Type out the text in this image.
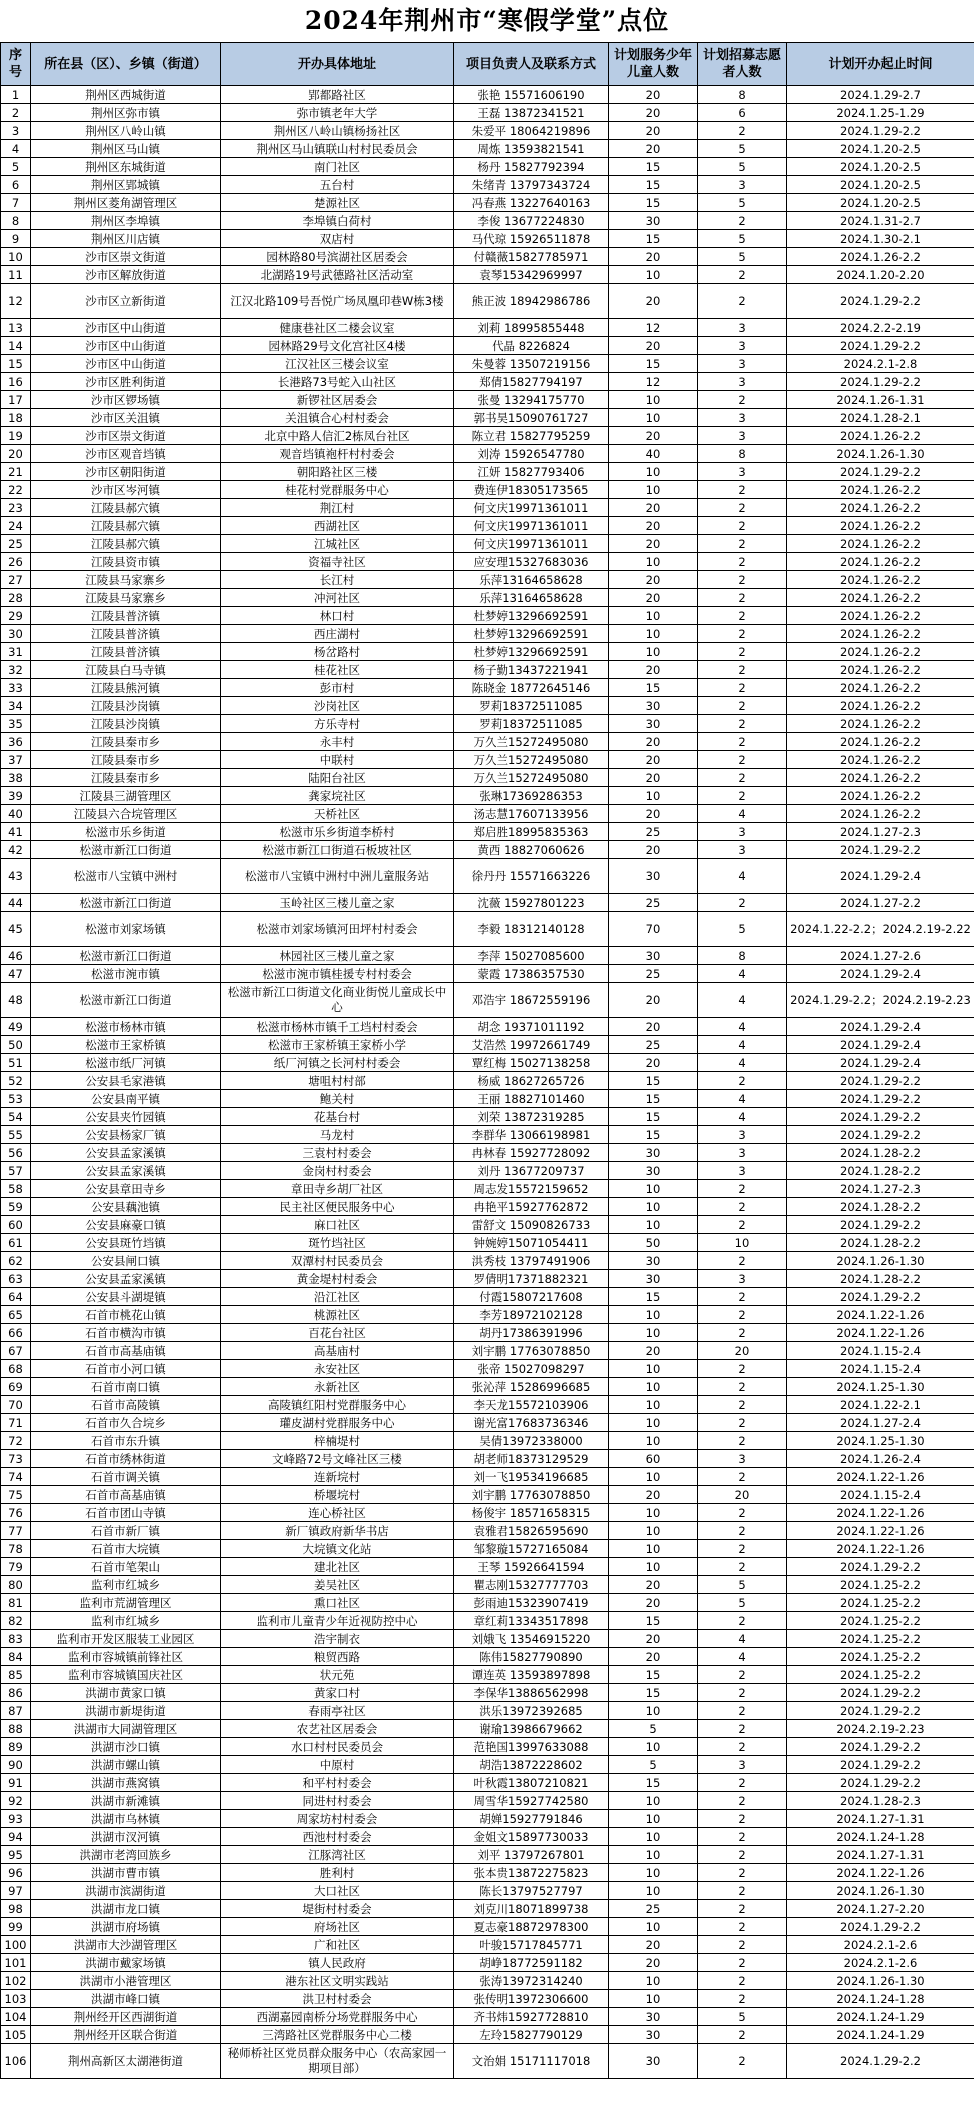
2024年荆州市“寒假学堂”点位
序号	所在县（区）、乡镇（街道）	开办具体地址	项目负责人及联系方式	计划服务少年儿童人数	计划招募志愿者人数	计划开办起止时间
1	荆州区西城街道	郢都路社区	张艳 15571606190	20	8	2024.1.29-2.7
2	荆州区弥市镇	弥市镇老年大学	王磊 13872341521	20	6	2024.1.25-1.29
3	荆州区八岭山镇	荆州区八岭山镇杨扬社区	朱爱平 18064219896	20	2	2024.1.29-2.2
4	荆州区马山镇	荆州区马山镇联山村村民委员会	周炼 13593821541	20	5	2024.1.20-2.5
5	荆州区东城街道	南门社区	杨丹 15827792394	15	5	2024.1.20-2.5
6	荆州区郢城镇	五台村	朱绪青 13797343724	15	3	2024.1.20-2.5
7	荆州区菱角湖管理区	楚源社区	冯春燕 13227640163	15	5	2024.1.20-2.5
8	荆州区李埠镇	李埠镇白荷村	李俊 13677224830	30	2	2024.1.31-2.7
9	荆州区川店镇	双店村	马代琼 15926511878	15	5	2024.1.30-2.1
10	沙市区崇文街道	园林路80号滨湖社区居委会	付赣薇15827785971	20	5	2024.1.26-2.2
11	沙市区解放街道	北湖路19号武德路社区活动室	袁琴15342969997	10	2	2024.1.20-2.20
12	沙市区立新街道	江汉北路109号吾悦广场凤凰印巷W栋3楼	熊正波 18942986786	20	2	2024.1.29-2.2
13	沙市区中山街道	健康巷社区二楼会议室	刘莉 18995855448	12	3	2024.2.2-2.19
14	沙市区中山街道	园林路29号文化宫社区4楼	代晶 8226824	20	3	2024.1.29-2.2
15	沙市区中山街道	江汉社区三楼会议室	朱曼蓉 13507219156	15	3	2024.2.1-2.8
16	沙市区胜利街道	长港路73号蛇入山社区	郑倩15827794197	12	3	2024.1.29-2.2
17	沙市区锣场镇	新锣社区居委会	张曼 13294175770	10	2	2024.1.26-1.31
18	沙市区关沮镇	关沮镇合心村村委会	郭书昊15090761727	10	3	2024.1.28-2.1
19	沙市区崇文街道	北京中路人信汇2栋凤台社区	陈立君 15827795259	20	3	2024.1.26-2.2
20	沙市区观音垱镇	观音垱镇袍杆村村委会	刘涛 15926547780	40	8	2024.1.26-1.30
21	沙市区朝阳街道	朝阳路社区三楼	江妍 15827793406	10	3	2024.1.29-2.2
22	沙市区岑河镇	桂花村党群服务中心	费连伊18305173565	10	2	2024.1.26-2.2
23	江陵县郝穴镇	荆江村	何文庆19971361011	20	2	2024.1.26-2.2
24	江陵县郝穴镇	西湖社区	何文庆19971361011	20	2	2024.1.26-2.2
25	江陵县郝穴镇	江城社区	何文庆19971361011	20	2	2024.1.26-2.2
26	江陵县资市镇	资福寺社区	应安理15327683036	10	2	2024.1.26-2.2
27	江陵县马家寨乡	长江村	乐萍13164658628	20	2	2024.1.26-2.2
28	江陵县马家寨乡	冲河社区	乐萍13164658628	20	2	2024.1.26-2.2
29	江陵县普济镇	林口村	杜梦婷13296692591	10	2	2024.1.26-2.2
30	江陵县普济镇	西庄湖村	杜梦婷13296692591	10	2	2024.1.26-2.2
31	江陵县普济镇	杨岔路村	杜梦婷13296692591	10	2	2024.1.26-2.2
32	江陵县白马寺镇	桂花社区	杨子勤13437221941	20	2	2024.1.26-2.2
33	江陵县熊河镇	彭市村	陈晓金 18772645146	15	2	2024.1.26-2.2
34	江陵县沙岗镇	沙岗社区	罗莉18372511085	30	2	2024.1.26-2.2
35	江陵县沙岗镇	方乐寺村	罗莉18372511085	30	2	2024.1.26-2.2
36	江陵县秦市乡	永丰村	万久兰15272495080	20	2	2024.1.26-2.2
37	江陵县秦市乡	中联村	万久兰15272495080	20	2	2024.1.26-2.2
38	江陵县秦市乡	陆阳台社区	万久兰15272495080	20	2	2024.1.26-2.2
39	江陵县三湖管理区	龚家垸社区	张琳17369286353	10	2	2024.1.26-2.2
40	江陵县六合垸管理区	天桥社区	汤志慧17607133956	20	4	2024.1.26-2.2
41	松滋市乐乡街道	松滋市乐乡街道李桥村	郑启胜18995835363	25	3	2024.1.27-2.3
42	松滋市新江口街道	松滋市新江口街道石板坡社区	黄西 18827060626	20	3	2024.1.29-2.2
43	松滋市八宝镇中洲村	松滋市八宝镇中洲村中洲儿童服务站	徐丹丹 15571663226	30	4	2024.1.29-2.4
44	松滋市新江口街道	玉岭社区三楼儿童之家	沈薇 15927801223	25	2	2024.1.27-2.2
45	松滋市刘家场镇	松滋市刘家场镇河田坪村村委会	李毅 18312140128	70	5	2024.1.22-2.2；2024.2.19-2.22
46	松滋市新江口街道	林园社区三楼儿童之家	李萍 15027085600	30	8	2024.1.27-2.6
47	松滋市涴市镇	松滋市涴市镇桂援专村村委会	蒙霞 17386357530	25	4	2024.1.29-2.4
48	松滋市新江口街道	松滋市新江口街道文化商业街悦儿童成长中心	邓浩宇 18672559196	20	4	2024.1.29-2.2；2024.2.19-2.23
49	松滋市杨林市镇	松滋市杨林市镇千工垱村村委会	胡念 19371011192	20	4	2024.1.29-2.4
50	松滋市王家桥镇	松滋市王家桥镇王家桥小学	艾浩然 19972661749	25	4	2024.1.29-2.4
51	松滋市纸厂河镇	纸厂河镇之长河村村委会	覃红梅 15027138258	20	4	2024.1.29-2.4
52	公安县毛家港镇	塘咀村村部	杨威 18627265726	15	2	2024.1.29-2.2
53	公安县南平镇	鲍关村	王丽 18827101460	15	4	2024.1.29-2.2
54	公安县夹竹园镇	花基台村	刘荣 13872319285	15	4	2024.1.29-2.2
55	公安县杨家厂镇	马龙村	李群华 13066198981	15	3	2024.1.29-2.2
56	公安县孟家溪镇	三袁村村委会	冉林春 15927728092	30	3	2024.1.28-2.2
57	公安县孟家溪镇	金岗村村委会	刘丹 13677209737	30	3	2024.1.28-2.2
58	公安县章田寺乡	章田寺乡胡厂社区	周志发15572159652	10	2	2024.1.27-2.3
59	公安县藕池镇	民主社区便民服务中心	冉艳平15927762872	10	2	2024.1.28-2.2
60	公安县麻豪口镇	麻口社区	雷舒文 15090826733	10	2	2024.1.29-2.2
61	公安县斑竹垱镇	斑竹垱社区	钟婉婷15071054411	50	10	2024.1.28-2.2
62	公安县闸口镇	双潭村村民委员会	洪秀枝 13797491906	30	2	2024.1.26-1.30
63	公安县孟家溪镇	黄金堤村村委会	罗倩明17371882321	30	3	2024.1.28-2.2
64	公安县斗湖堤镇	沿江社区	付霞15807217608	15	2	2024.1.29-2.2
65	石首市桃花山镇	桃源社区	李芳18972102128	10	2	2024.1.22-1.26
66	石首市横沟市镇	百花台社区	胡丹17386391996	10	2	2024.1.22-1.26
67	石首市高基庙镇	高基庙村	刘宇鹏 17763078850	20	20	2024.1.15-2.4
68	石首市小河口镇	永安社区	张帝 15027098297	10	2	2024.1.15-2.4
69	石首市南口镇	永新社区	张沁萍 15286996685	10	2	2024.1.25-1.30
70	石首市高陵镇	高陵镇红阳村党群服务中心	李天龙15572103906	10	2	2024.1.22-2.1
71	石首市久合垸乡	瓘皮湖村党群服务中心	谢光富17683736346	10	2	2024.1.27-2.4
72	石首市东升镇	梓楠堤村	吴倩13972338000	10	2	2024.1.25-1.30
73	石首市绣林街道	文峰路72号文峰社区三楼	胡老师18373129529	60	3	2024.1.26-2.4
74	石首市调关镇	连新垸村	刘一飞19534196685	10	2	2024.1.22-1.26
75	石首市高基庙镇	桥堰垸村	刘宇鹏 17763078850	20	20	2024.1.15-2.4
76	石首市团山寺镇	连心桥社区	杨俊宇 18571658315	10	2	2024.1.22-1.26
77	石首市新厂镇	新厂镇政府新华书店	袁雅君15826595690	10	2	2024.1.22-1.26
78	石首市大垸镇	大垸镇文化站	邹黎璇15727165084	10	2	2024.1.22-1.26
79	石首市笔架山	建北社区	王琴 15926641594	10	2	2024.1.29-2.2
80	监利市红城乡	姜吴社区	瞿志刚15327777703	20	5	2024.1.25-2.2
81	监利市荒湖管理区	熏口社区	彭雨迪15323907419	20	5	2024.1.25-2.2
82	监利市红城乡	监利市儿童青少年近视防控中心	章红莉13343517898	15	2	2024.1.25-2.2
83	监利市开发区服装工业园区	浩宇制衣	刘娥飞 13546915220	20	4	2024.1.25-2.2
84	监利市容城镇前锋社区	粮贸西路	陈伟15827790890	20	4	2024.1.25-2.2
85	监利市容城镇国庆社区	状元苑	谭连英 13593897898	15	2	2024.1.25-2.2
86	洪湖市黄家口镇	黄家口村	李保华13886562998	15	2	2024.1.29-2.2
87	洪湖市新堤街道	春雨亭社区	洪乐13972392685	10	2	2024.1.29-2.2
88	洪湖市大同湖管理区	农艺社区居委会	谢瑜13986679662	5	2	2024.2.19-2.23
89	洪湖市沙口镇	水口村村民委员会	范艳国13997633088	10	2	2024.1.29-2.2
90	洪湖市螺山镇	中原村	胡浩13872228602	5	3	2024.1.29-2.2
91	洪湖市燕窝镇	和平村村委会	叶秋霞13807210821	15	2	2024.1.29-2.2
92	洪湖市新滩镇	同进村村委会	周雪华15927742580	10	2	2024.1.28-2.3
93	洪湖市乌林镇	周家坊村村委会	胡婵15927791846	10	2	2024.1.27-1.31
94	洪湖市汊河镇	西池村村委会	金姐文15897730033	10	2	2024.1.24-1.28
95	洪湖市老湾回族乡	江豚湾社区	刘平 13797267801	10	2	2024.1.27-1.31
96	洪湖市曹市镇	胜利村	张本贵13872275823	10	2	2024.1.22-1.26
97	洪湖市滨湖街道	大口社区	陈长13797527797	10	2	2024.1.26-1.30
98	洪湖市龙口镇	堤街村村委会	刘克川18071899738	25	2	2024.1.27-2.20
99	洪湖市府场镇	府场社区	夏志豪18872978300	10	2	2024.1.29-2.2
100	洪湖市大沙湖管理区	广和社区	叶骏15717845771	20	2	2024.2.1-2.6
101	洪湖市戴家场镇	镇人民政府	胡峥18772591182	20	2	2024.2.1-2.6
102	洪湖市小港管理区	港东社区文明实践站	张涛13972314240	10	2	2024.1.26-1.30
103	洪湖市峰口镇	洪卫村村委会	张传明13972306600	10	2	2024.1.24-1.28
104	荆州经开区西湖街道	西湖嘉园南桥分场党群服务中心	齐书炜15927728810	30	5	2024.1.24-1.29
105	荆州经开区联合街道	三湾路社区党群服务中心二楼	左玲15827790129	30	2	2024.1.24-1.29
106	荆州高新区太湖港街道	秘师桥社区党员群众服务中心（农高家园一期项目部）	文治娟 15171117018	30	2	2024.1.29-2.2
